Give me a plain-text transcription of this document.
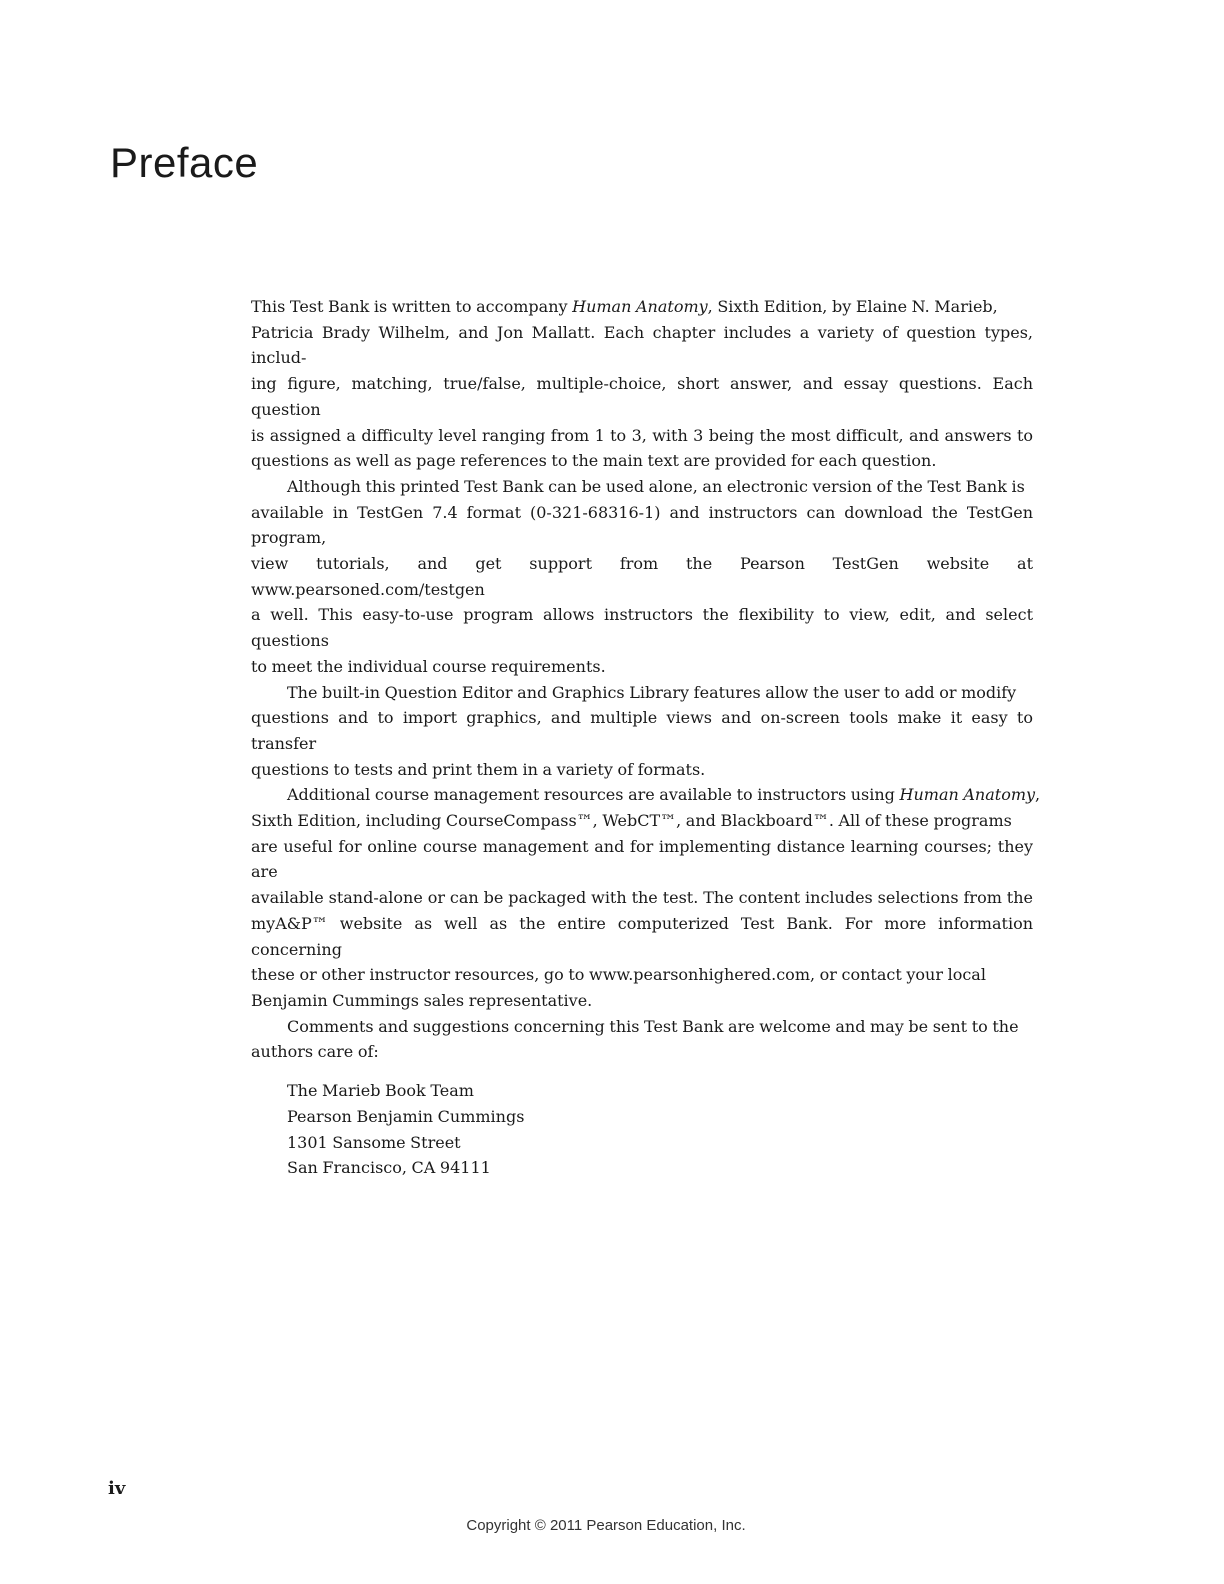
Preface

This Test Bank is written to accompany Human Anatomy, Sixth Edition, by Elaine N. Marieb,
Patricia Brady Wilhelm, and Jon Mallatt. Each chapter includes a variety of question types, includ-
ing figure, matching, true/false, multiple-choice, short answer, and essay questions. Each question
is assigned a difficulty level ranging from 1 to 3, with 3 being the most difficult, and answers to
questions as well as page references to the main text are provided for each question.

Although this printed Test Bank can be used alone, an electronic version of the Test Bank is
available in TestGen 7.4 format (0-321-68316-1) and instructors can download the TestGen program,
view tutorials, and get support from the Pearson TestGen website at www.pearsoned.com/testgen
a well. This easy-to-use program allows instructors the flexibility to view, edit, and select questions
to meet the individual course requirements.

The built-in Question Editor and Graphics Library features allow the user to add or modify
questions and to import graphics, and multiple views and on-screen tools make it easy to transfer
questions to tests and print them in a variety of formats.

Additional course management resources are available to instructors using Human Anatomy,
Sixth Edition, including CourseCompass™, WebCT™, and Blackboard™. All of these programs
are useful for online course management and for implementing distance learning courses; they are
available stand-alone or can be packaged with the test. The content includes selections from the
myA&P™ website as well as the entire computerized Test Bank. For more information concerning
these or other instructor resources, go to www.pearsonhighered.com, or contact your local
Benjamin Cummings sales representative.

Comments and suggestions concerning this Test Bank are welcome and may be sent to the
authors care of:

The Marieb Book Team
Pearson Benjamin Cummings
1301 Sansome Street
San Francisco, CA 94111
iv
Copyright © 2011 Pearson Education, Inc.
